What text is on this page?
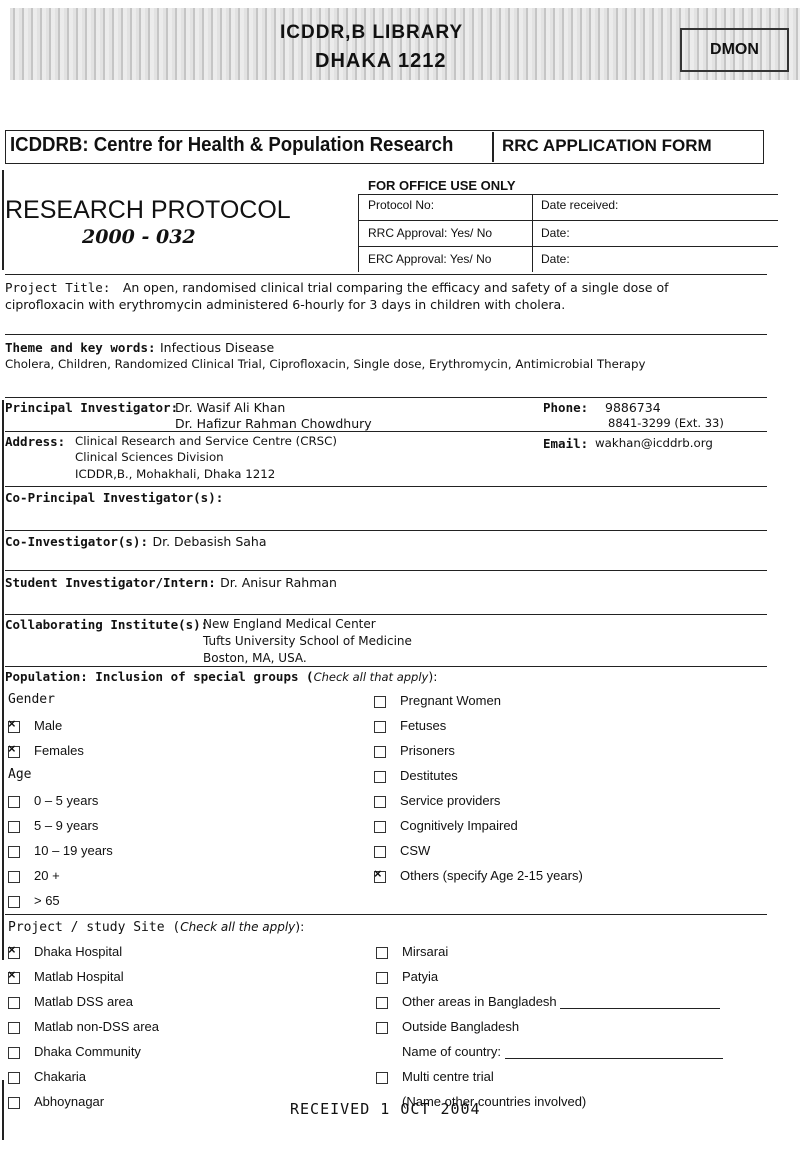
ICDDR,B LIBRARY
DHAKA 1212
DMON
ICDDRB: Centre for Health & Population Research	RRC APPLICATION FORM
RESEARCH PROTOCOL
2000 - 032
FOR OFFICE USE ONLY
Protocol No:	Date received:
RRC Approval: Yes/ No	Date:
ERC Approval: Yes/ No	Date:
Project Title: An open, randomised clinical trial comparing the efficacy and safety of a single dose of
ciprofloxacin with erythromycin administered 6-hourly for 3 days in children with cholera.
Theme and key words: Infectious Disease
Cholera, Children, Randomized Clinical Trial, Ciprofloxacin, Single dose, Erythromycin, Antimicrobial Therapy
Principal Investigator:
Dr. Wasif Ali Khan
Dr. Hafizur Rahman Chowdhury
Phone: 9886734
8841-3299 (Ext. 33)
Address: Clinical Research and Service Centre (CRSC)
Clinical Sciences Division
ICDDR,B., Mohakhali, Dhaka 1212
Email: wakhan@icddrb.org
Co-Principal Investigator(s):
Co-Investigator(s): Dr. Debasish Saha
Student Investigator/Intern: Dr. Anisur Rahman
Collaborating Institute(s):
New England Medical Center
Tufts University School of Medicine
Boston, MA, USA.
Population: Inclusion of special groups (Check all that apply):
Gender
Age
×Male
×Females
0 – 5 years
5 – 9 years
10 – 19 years
20 +
> 65
Pregnant Women
Fetuses
Prisoners
Destitutes
Service providers
Cognitively Impaired
CSW
×Others (specify Age 2-15 years)
Project / study Site (Check all the apply):
×Dhaka Hospital
×Matlab Hospital
Matlab DSS area
Matlab non-DSS area
Dhaka Community
Chakaria
Abhoynagar
Mirsarai
Patyia
Other areas in Bangladesh
Outside Bangladesh
Name of country:
Multi centre trial
(Name other countries involved)
RECEIVED 1 OCT 2004
